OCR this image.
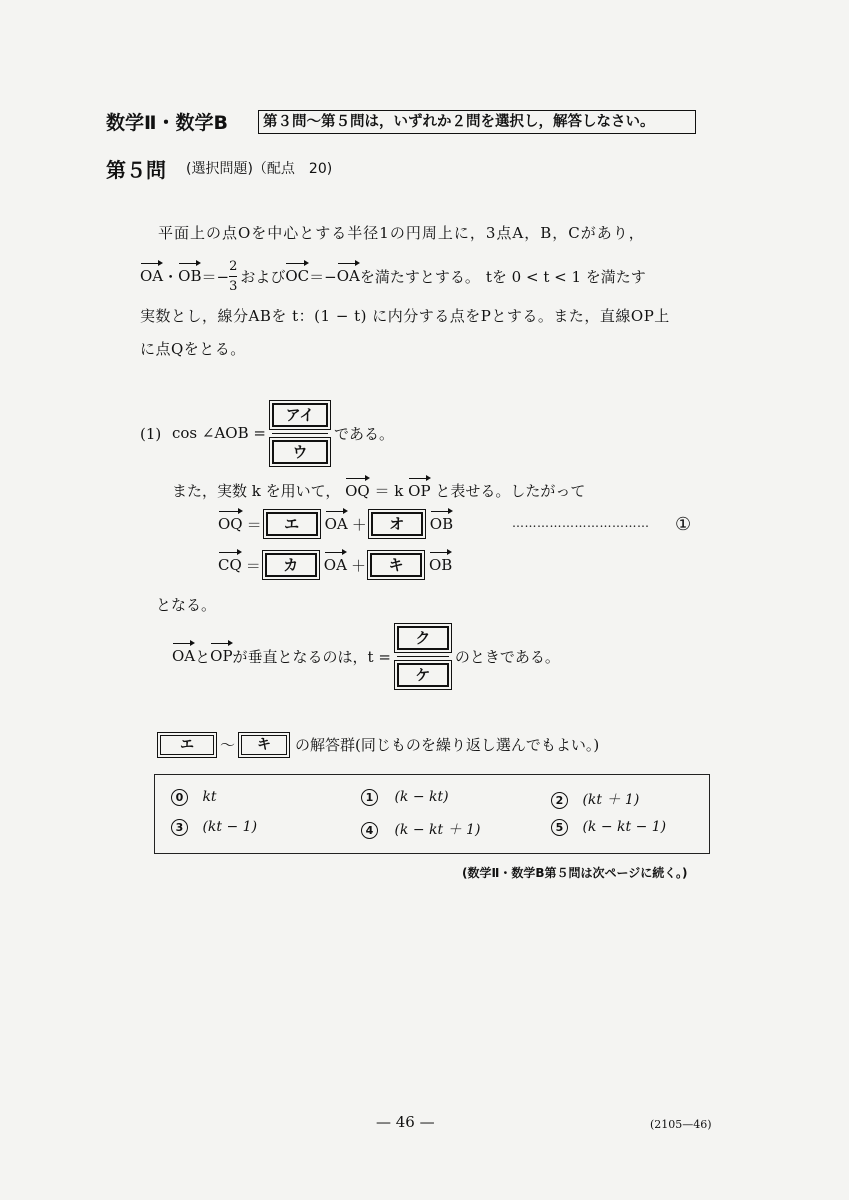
数学Ⅱ・数学B	第３問～第５問は，いずれか２問を選択し，解答しなさい。
第５問 (選択問題)（配点　20)
平面上の点Oを中心とする半径1の円周上に，3点A，B，Cがあり，
OA ・ OB ＝− $\frac{2}{3}$ および OC ＝− OA を満たすとする。 tを 0 < t < 1 を満たす
実数とし，線分ABを t：(1 − t) に内分する点をPとする。また，直線OP上
に点Qをとる。
(1) cos ∠AOB = $\frac{\text{アイ}}{\text{ウ}}$ である。
また，実数 k を用いて， OQ ＝ k OP と表せる。したがって
OQ ＝	エ	OA ＋	オ	OB	…………………………… ①
CQ ＝	カ	OA ＋	キ	OB
となる。
OA と OP が垂直となるのは，$t = \frac{\text{ク}}{\text{ケ}}$ のときである。
エ	～	キ	の解答群(同じものを繰り返し選んでもよい。)
0 kt	1 (k − kt)	2 (kt ＋ 1)
3 (kt − 1)	4 (k − kt ＋ 1)	5 (k − kt − 1)
(数学Ⅱ・数学B第５問は次ページに続く。)
— 46 —	(2105—46)
